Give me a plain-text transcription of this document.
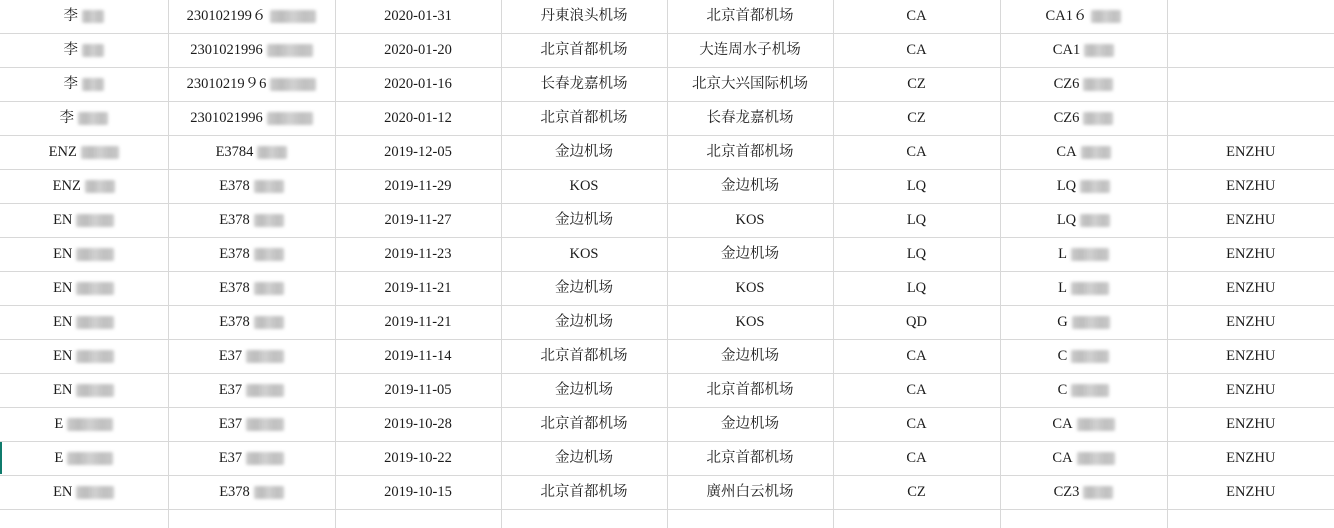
李	230102199６	2020-01-31	丹東浪头机场	北京首都机场	CA	CA1６	

李	2301021996	2020-01-20	北京首都机场	大连周水子机场	CA	CA1	

李	23010219９6	2020-01-16	长春龙嘉机场	北京大兴国际机场	CZ	CZ6	

李	2301021996	2020-01-12	北京首都机场	长春龙嘉机场	CZ	CZ6	

ENZ	E3784	2019-12-05	金边机场	北京首都机场	CA	CA	ENZHU

ENZ	E378	2019-11-29	KOS	金边机场	LQ	LQ	ENZHU

EN	E378	2019-11-27	金边机场	KOS	LQ	LQ	ENZHU

EN	E378	2019-11-23	KOS	金边机场	LQ	L	ENZHU

EN	E378	2019-11-21	金边机场	KOS	LQ	L	ENZHU

EN	E378	2019-11-21	金边机场	KOS	QD	G	ENZHU

EN	E37	2019-11-14	北京首都机场	金边机场	CA	C	ENZHU

EN	E37	2019-11-05	金边机场	北京首都机场	CA	C	ENZHU

E	E37	2019-10-28	北京首都机场	金边机场	CA	CA	ENZHU

E	E37	2019-10-22	金边机场	北京首都机场	CA	CA	ENZHU

EN	E378	2019-10-15	北京首都机场	廣州白云机场	CZ	CZ3	ENZHU
